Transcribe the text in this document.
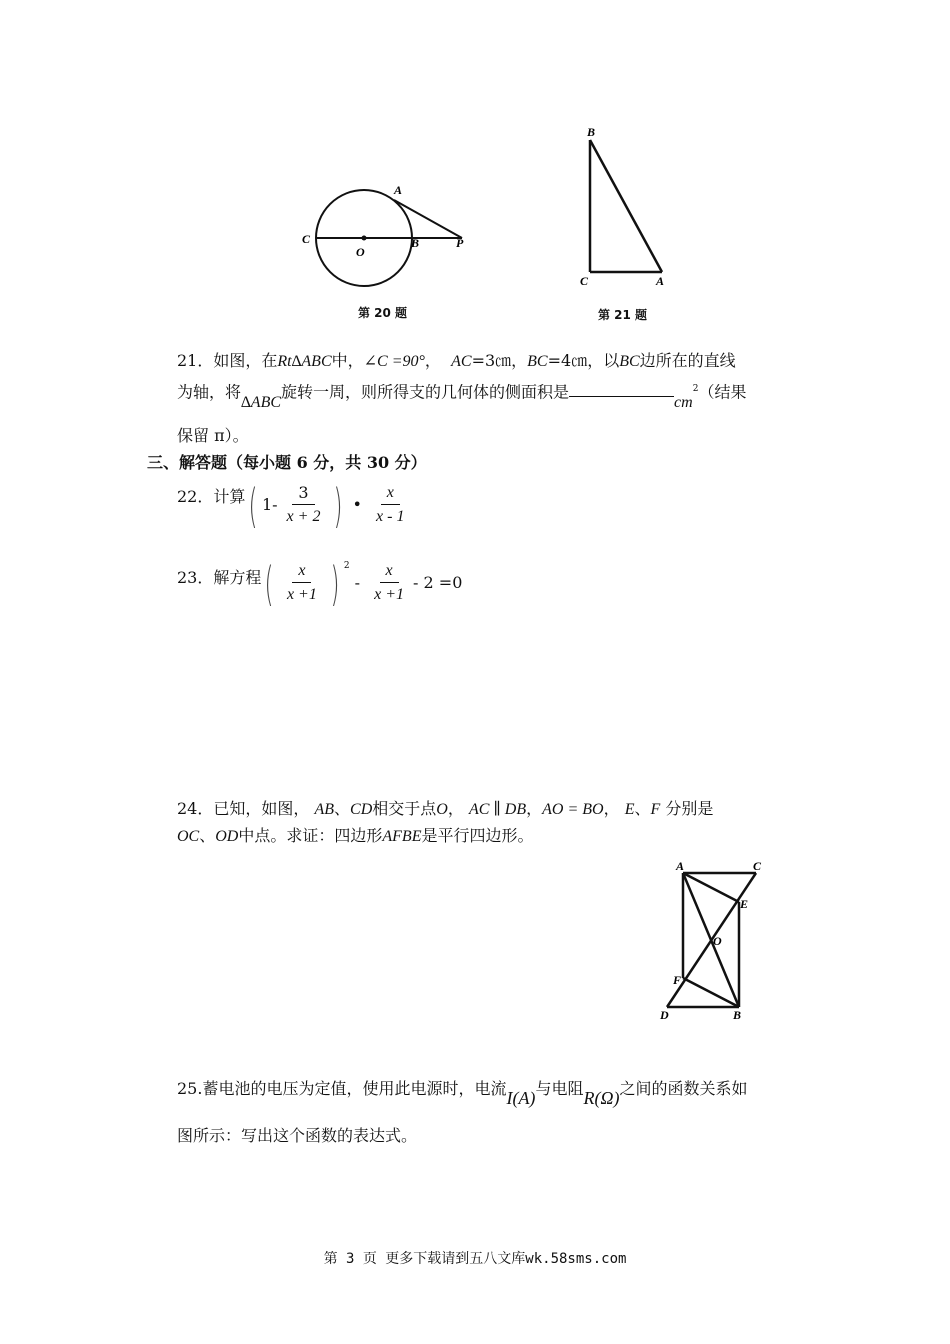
A
C
O
B	P
第 20 题
B
C	A
第 21 题
21．如图，在Rt∆ABC中，∠C =90°， AC=3㎝，BC=4㎝，以BC边所在的直线
为轴，将∆ABC旋转一周，则所得支的几何体的侧面积是$cm^2$（结果
保留 π）。
三、解答题（每小题 6 分，共 30 分）
22．计算 ( $1- \frac{3}{x + 2}$ ) • $\frac{x}{x - 1}$
23．解方程 ( $\frac{x}{x +1}$ ) $^2 - \frac{x}{x +1} - 2 =0$
24．已知，如图， AB、CD相交于点O， AC ∥ DB，AO = BO， E、F 分别是
OC、OD中点。求证：四边形AFBE是平行四边形。
A	C
E
O
F
D	B
25.蓄电池的电压为定值，使用此电源时，电流I(A)与电阻R(Ω)之间的函数关系如
图所示：写出这个函数的表达式。
第 3 页 更多下载请到五八文库wk.58sms.com
